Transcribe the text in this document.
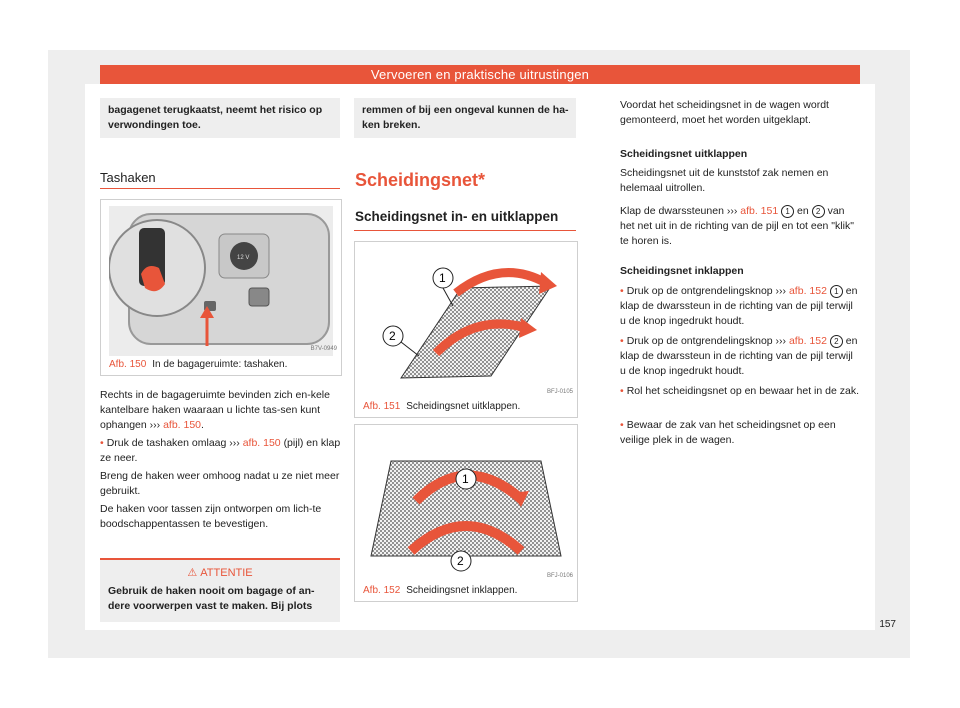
Vervoeren en praktische uitrustingen
bagagenet terugkaatst, neemt het risico op verwondingen toe.
Tashaken
12 V
B7V-0949
Afb. 150 In de bagageruimte: tashaken.
Rechts in de bagageruimte bevinden zich en-kele kantelbare haken waaraan u lichte tas-sen kunt ophangen ››› afb. 150.
• Druk de tashaken omlaag ››› afb. 150 (pijl) en klap ze neer.
Breng de haken weer omhoog nadat u ze niet meer gebruikt.
De haken voor tassen zijn ontworpen om lich-te boodschappentassen te bevestigen.
⚠ ATTENTIE
Gebruik de haken nooit om bagage of an-dere voorwerpen vast te maken. Bij plots
remmen of bij een ongeval kunnen de ha-ken breken.
Scheidingsnet*
Scheidingsnet in- en uitklappen
1
2
BFJ-0105
Afb. 151 Scheidingsnet uitklappen.
1
2
BFJ-0106
Afb. 152 Scheidingsnet inklappen.
Voordat het scheidingsnet in de wagen wordt gemonteerd, moet het worden uitgeklapt.
Scheidingsnet uitklappen
Scheidingsnet uit de kunststof zak nemen en helemaal uitrollen.
Klap de dwarssteunen ››› afb. 151 1 en 2 van het net uit in de richting van de pijl en tot een "klik" te horen is.
Scheidingsnet inklappen
• Druk op de ontgrendelingsknop ››› afb. 152 1 en klap de dwarssteun in de richting van de pijl terwijl u de knop ingedrukt houdt.
• Druk op de ontgrendelingsknop ››› afb. 152 2 en klap de dwarssteun in de richting van de pijl terwijl u de knop ingedrukt houdt.
• Rol het scheidingsnet op en bewaar het in de zak.
• Bewaar de zak van het scheidingsnet op een veilige plek in de wagen.
157
